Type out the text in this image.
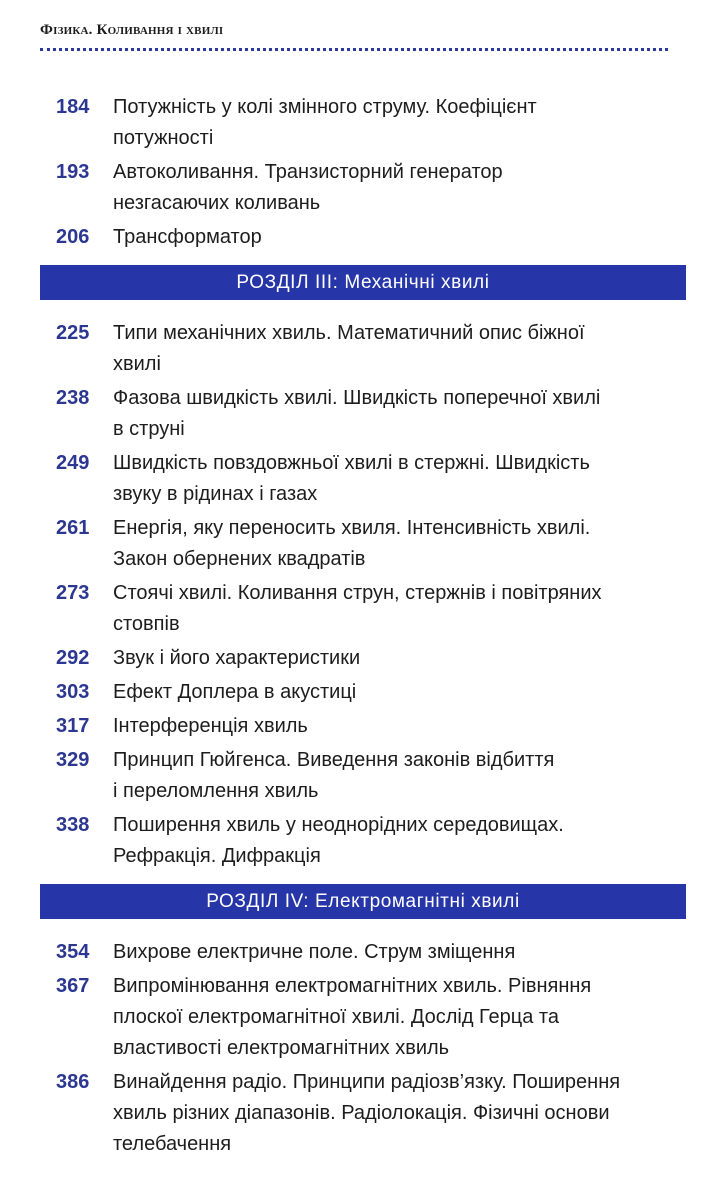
Фізика. Коливання і хвилі
184	Потужність у колі змінного струму. Коефіцієнт
потужності
193	Автоколивання. Транзисторний генератор
незгасаючих коливань
206	Трансформатор
РОЗДІЛ III: Механічні хвилі
225	Типи механічних хвиль. Математичний опис біжної
хвилі
238	Фазова швидкість хвилі. Швидкість поперечної хвилі
в струні
249	Швидкість повздовжньої хвилі в стержні. Швидкість
звуку в рідинах і газах
261	Енергія, яку переносить хвиля. Інтенсивність хвилі.
Закон обернених квадратів
273	Стоячі хвилі. Коливання струн, стержнів і повітряних
стовпів
292	Звук і його характеристики
303	Ефект Доплера в акустиці
317	Інтерференція хвиль
329	Принцип Гюйгенса. Виведення законів відбиття
і переломлення хвиль
338	Поширення хвиль у неоднорідних середовищах.
Рефракція. Дифракція
РОЗДІЛ IV: Електромагнітні хвилі
354	Вихрове електричне поле. Струм зміщення
367	Випромінювання електромагнітних хвиль. Рівняння
плоскої електромагнітної хвилі. Дослід Герца та
властивості електромагнітних хвиль
386	Винайдення радіо. Принципи радіозв’язку. Поширення
хвиль різних діапазонів. Радіолокація. Фізичні основи
телебачення
